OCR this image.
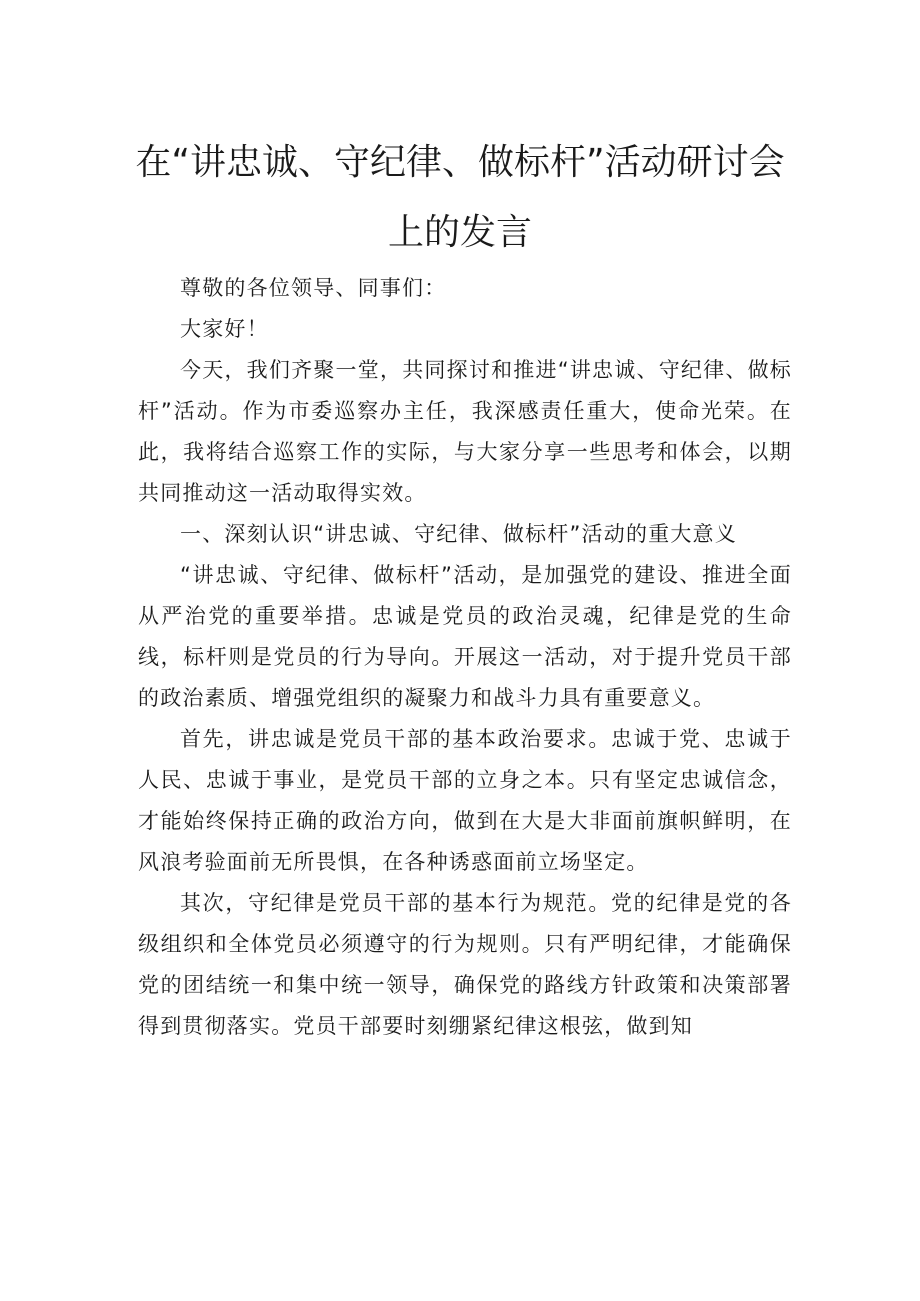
在“讲忠诚、守纪律、做标杆”活动研讨会上的发言

尊敬的各位领导、同事们：

大家好！

今天，我们齐聚一堂，共同探讨和推进“讲忠诚、守纪律、做标杆”活动。作为市委巡察办主任，我深感责任重大，使命光荣。在此，我将结合巡察工作的实际，与大家分享一些思考和体会，以期共同推动这一活动取得实效。

一、深刻认识“讲忠诚、守纪律、做标杆”活动的重大意义

“讲忠诚、守纪律、做标杆”活动，是加强党的建设、推进全面从严治党的重要举措。忠诚是党员的政治灵魂，纪律是党的生命线，标杆则是党员的行为导向。开展这一活动，对于提升党员干部的政治素质、增强党组织的凝聚力和战斗力具有重要意义。

首先，讲忠诚是党员干部的基本政治要求。忠诚于党、忠诚于人民、忠诚于事业，是党员干部的立身之本。只有坚定忠诚信念，才能始终保持正确的政治方向，做到在大是大非面前旗帜鲜明，在风浪考验面前无所畏惧，在各种诱惑面前立场坚定。

其次，守纪律是党员干部的基本行为规范。党的纪律是党的各级组织和全体党员必须遵守的行为规则。只有严明纪律，才能确保党的团结统一和集中统一领导，确保党的路线方针政策和决策部署得到贯彻落实。党员干部要时刻绷紧纪律这根弦，做到知
